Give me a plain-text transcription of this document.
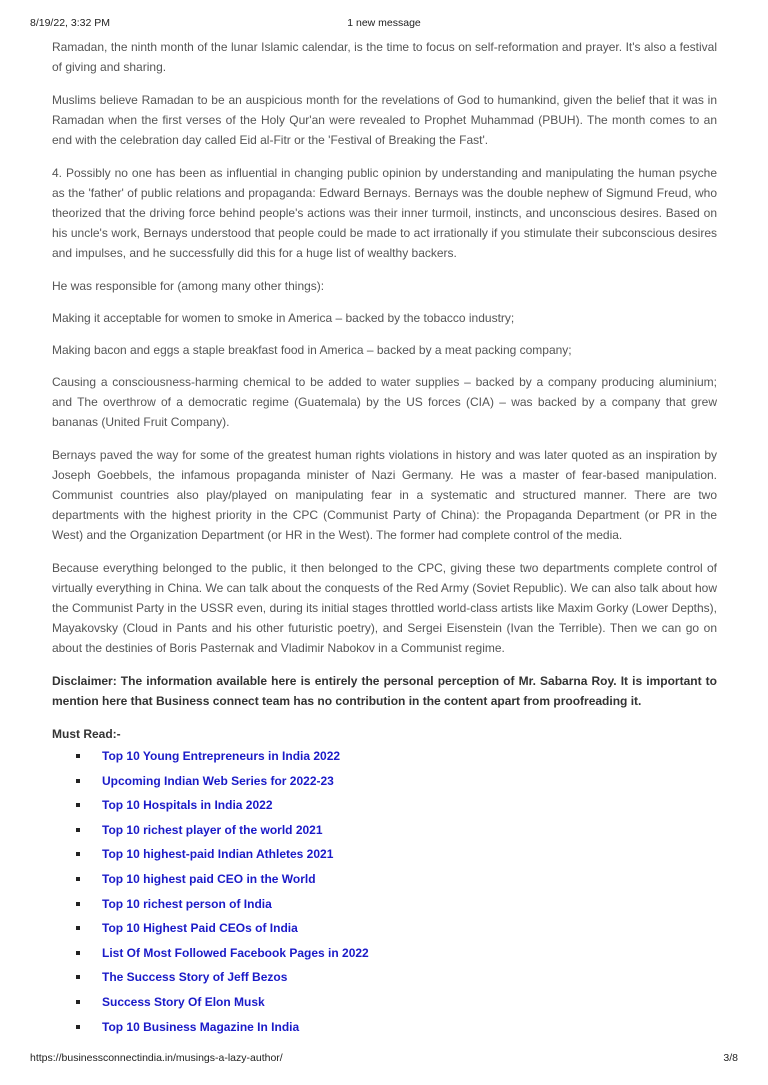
8/19/22, 3:32 PM	1 new message

Ramadan, the ninth month of the lunar Islamic calendar, is the time to focus on self-reformation and prayer. It's also a festival of giving and sharing.

Muslims believe Ramadan to be an auspicious month for the revelations of God to humankind, given the belief that it was in Ramadan when the first verses of the Holy Qur'an were revealed to Prophet Muhammad (PBUH). The month comes to an end with the celebration day called Eid al-Fitr or the 'Festival of Breaking the Fast'.

4. Possibly no one has been as influential in changing public opinion by understanding and manipulating the human psyche as the 'father' of public relations and propaganda: Edward Bernays. Bernays was the double nephew of Sigmund Freud, who theorized that the driving force behind people's actions was their inner turmoil, instincts, and unconscious desires. Based on his uncle's work, Bernays understood that people could be made to act irrationally if you stimulate their subconscious desires and impulses, and he successfully did this for a huge list of wealthy backers.

He was responsible for (among many other things):

Making it acceptable for women to smoke in America – backed by the tobacco industry;

Making bacon and eggs a staple breakfast food in America – backed by a meat packing company;

Causing a consciousness-harming chemical to be added to water supplies – backed by a company producing aluminium; and The overthrow of a democratic regime (Guatemala) by the US forces (CIA) – was backed by a company that grew bananas (United Fruit Company).

Bernays paved the way for some of the greatest human rights violations in history and was later quoted as an inspiration by Joseph Goebbels, the infamous propaganda minister of Nazi Germany. He was a master of fear-based manipulation. Communist countries also play/played on manipulating fear in a systematic and structured manner. There are two departments with the highest priority in the CPC (Communist Party of China): the Propaganda Department (or PR in the West) and the Organization Department (or HR in the West). The former had complete control of the media.

Because everything belonged to the public, it then belonged to the CPC, giving these two departments complete control of virtually everything in China. We can talk about the conquests of the Red Army (Soviet Republic). We can also talk about how the Communist Party in the USSR even, during its initial stages throttled world-class artists like Maxim Gorky (Lower Depths), Mayakovsky (Cloud in Pants and his other futuristic poetry), and Sergei Eisenstein (Ivan the Terrible). Then we can go on about the destinies of Boris Pasternak and Vladimir Nabokov in a Communist regime.

Disclaimer: The information available here is entirely the personal perception of Mr. Sabarna Roy. It is important to mention here that Business connect team has no contribution in the content apart from proofreading it.

Must Read:-
Top 10 Young Entrepreneurs in India 2022
Upcoming Indian Web Series for 2022-23
Top 10 Hospitals in India 2022
Top 10 richest player of the world 2021
Top 10 highest-paid Indian Athletes 2021
Top 10 highest paid CEO in the World
Top 10 richest person of India
Top 10 Highest Paid CEOs of India
List Of Most Followed Facebook Pages in 2022
The Success Story of Jeff Bezos
Success Story Of Elon Musk
Top 10 Business Magazine In India
https://businessconnectindia.in/musings-a-lazy-author/	3/8
